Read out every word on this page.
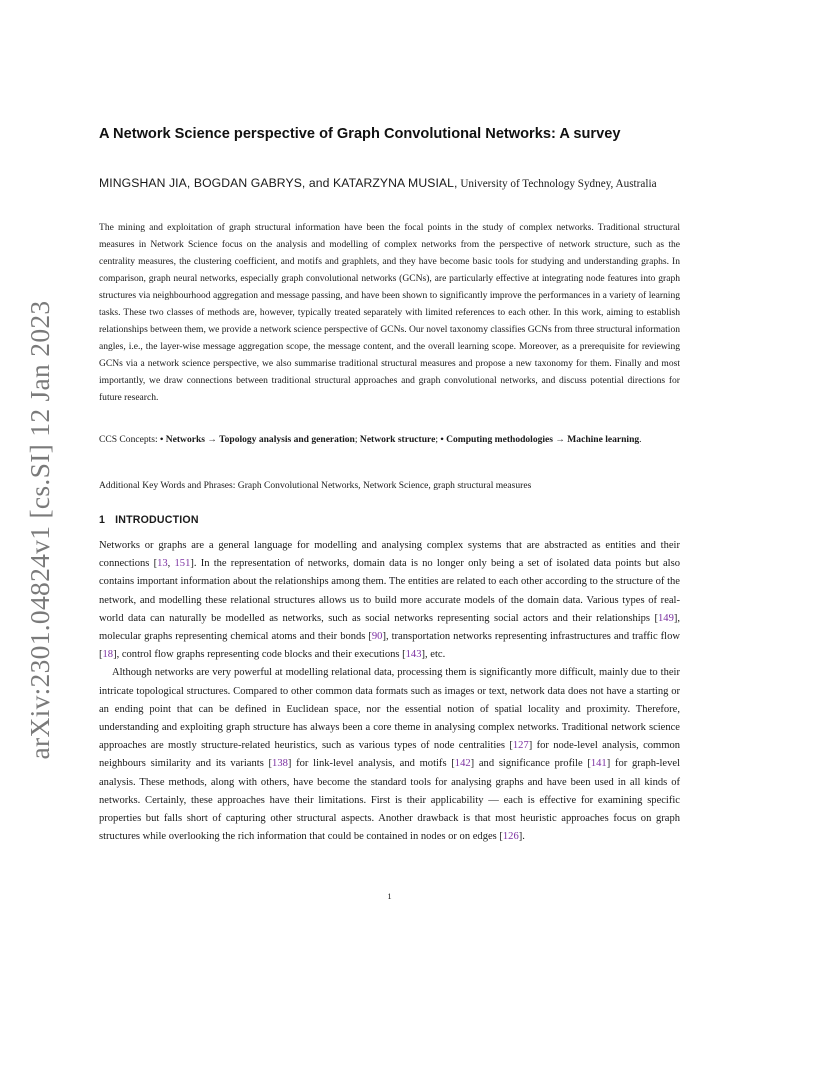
arXiv:2301.04824v1 [cs.SI] 12 Jan 2023
A Network Science perspective of Graph Convolutional Networks: A survey

MINGSHAN JIA, BOGDAN GABRYS, and KATARZYNA MUSIAL, University of Technology Sydney, Australia

The mining and exploitation of graph structural information have been the focal points in the study of complex networks. Traditional structural measures in Network Science focus on the analysis and modelling of complex networks from the perspective of network structure, such as the centrality measures, the clustering coefficient, and motifs and graphlets, and they have become basic tools for studying and understanding graphs. In comparison, graph neural networks, especially graph convolutional networks (GCNs), are particularly effective at integrating node features into graph structures via neighbourhood aggregation and message passing, and have been shown to significantly improve the performances in a variety of learning tasks. These two classes of methods are, however, typically treated separately with limited references to each other. In this work, aiming to establish relationships between them, we provide a network science perspective of GCNs. Our novel taxonomy classifies GCNs from three structural information angles, i.e., the layer-wise message aggregation scope, the message content, and the overall learning scope. Moreover, as a prerequisite for reviewing GCNs via a network science perspective, we also summarise traditional structural measures and propose a new taxonomy for them. Finally and most importantly, we draw connections between traditional structural approaches and graph convolutional networks, and discuss potential directions for future research.

CCS Concepts: • Networks → Topology analysis and generation; Network structure; • Computing methodologies → Machine learning.

Additional Key Words and Phrases: Graph Convolutional Networks, Network Science, graph structural measures

1 INTRODUCTION

Networks or graphs are a general language for modelling and analysing complex systems that are abstracted as entities and their connections [13, 151]. In the representation of networks, domain data is no longer only being a set of isolated data points but also contains important information about the relationships among them. The entities are related to each other according to the structure of the network, and modelling these relational structures allows us to build more accurate models of the domain data. Various types of real-world data can naturally be modelled as networks, such as social networks representing social actors and their relationships [149], molecular graphs representing chemical atoms and their bonds [90], transportation networks representing infrastructures and traffic flow [18], control flow graphs representing code blocks and their executions [143], etc.

Although networks are very powerful at modelling relational data, processing them is significantly more difficult, mainly due to their intricate topological structures. Compared to other common data formats such as images or text, network data does not have a starting or an ending point that can be defined in Euclidean space, nor the essential notion of spatial locality and proximity. Therefore, understanding and exploiting graph structure has always been a core theme in analysing complex networks. Traditional network science approaches are mostly structure-related heuristics, such as various types of node centralities [127] for node-level analysis, common neighbours similarity and its variants [138] for link-level analysis, and motifs [142] and significance profile [141] for graph-level analysis. These methods, along with others, have become the standard tools for analysing graphs and have been used in all kinds of networks. Certainly, these approaches have their limitations. First is their applicability — each is effective for examining specific properties but falls short of capturing other structural aspects. Another drawback is that most heuristic approaches focus on graph structures while overlooking the rich information that could be contained in nodes or on edges [126].

1
